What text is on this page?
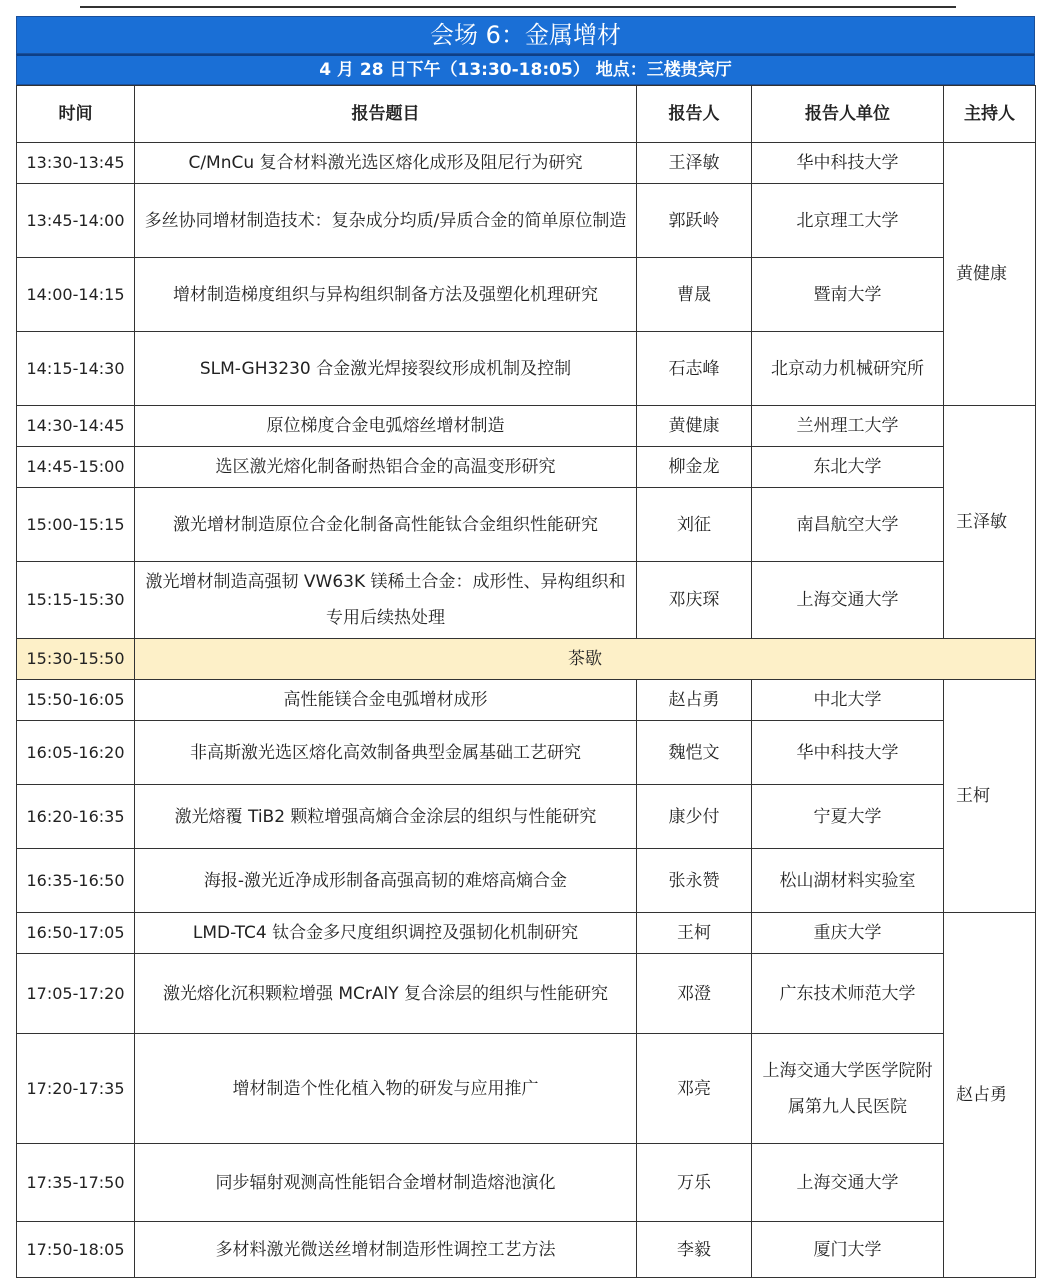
会场 6：金属增材
4 月 28 日下午（13:30-18:05） 地点：三楼贵宾厅
时间	报告题目	报告人	报告人单位	主持人
13:30-13:45	C/MnCu 复合材料激光选区熔化成形及阻尼行为研究	王泽敏	华中科技大学	黄健康
13:45-14:00	多丝协同增材制造技术：复杂成分均质/异质合金的简单原位制造	郭跃岭	北京理工大学	
14:00-14:15	增材制造梯度组织与异构组织制备方法及强塑化机理研究	曹晟	暨南大学	
14:15-14:30	SLM-GH3230 合金激光焊接裂纹形成机制及控制	石志峰	北京动力机械研究所	
14:30-14:45	原位梯度合金电弧熔丝增材制造	黄健康	兰州理工大学	王泽敏
14:45-15:00	选区激光熔化制备耐热铝合金的高温变形研究	柳金龙	东北大学	
15:00-15:15	激光增材制造原位合金化制备高性能钛合金组织性能研究	刘征	南昌航空大学	
15:15-15:30	激光增材制造高强韧 VW63K 镁稀土合金：成形性、异构组织和专用后续热处理	邓庆琛	上海交通大学	
15:30-15:50	茶歇			
15:50-16:05	高性能镁合金电弧增材成形	赵占勇	中北大学	王柯
16:05-16:20	非高斯激光选区熔化高效制备典型金属基础工艺研究	魏恺文	华中科技大学	
16:20-16:35	激光熔覆 TiB2 颗粒增强高熵合金涂层的组织与性能研究	康少付	宁夏大学	
16:35-16:50	海报-激光近净成形制备高强高韧的难熔高熵合金	张永赞	松山湖材料实验室	
16:50-17:05	LMD-TC4 钛合金多尺度组织调控及强韧化机制研究	王柯	重庆大学	赵占勇
17:05-17:20	激光熔化沉积颗粒增强 MCrAlY 复合涂层的组织与性能研究	邓澄	广东技术师范大学	
17:20-17:35	增材制造个性化植入物的研发与应用推广	邓亮	上海交通大学医学院附属第九人民医院	
17:35-17:50	同步辐射观测高性能铝合金增材制造熔池演化	万乐	上海交通大学	
17:50-18:05	多材料激光微送丝增材制造形性调控工艺方法	李毅	厦门大学	
